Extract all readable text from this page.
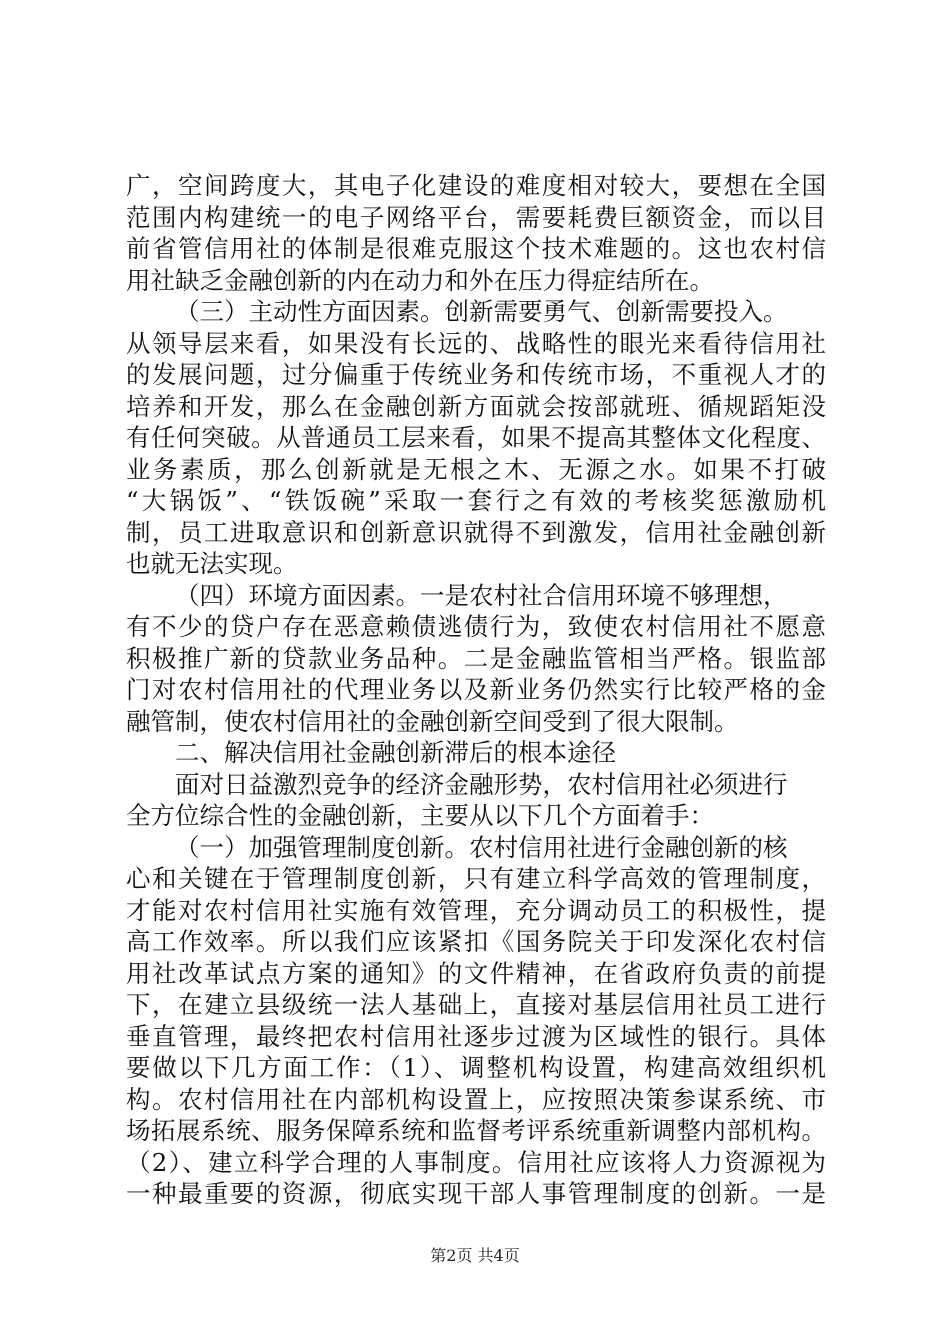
广，空间跨度大，其电子化建设的难度相对较大，要想在全国
范围内构建统一的电子网络平台，需要耗费巨额资金，而以目
前省管信用社的体制是很难克服这个技术难题的。这也农村信
用社缺乏金融创新的内在动力和外在压力得症结所在。
（三）主动性方面因素。创新需要勇气、创新需要投入。
从领导层来看，如果没有长远的、战略性的眼光来看待信用社
的发展问题，过分偏重于传统业务和传统市场，不重视人才的
培养和开发，那么在金融创新方面就会按部就班、循规蹈矩没
有任何突破。从普通员工层来看，如果不提高其整体文化程度、
业务素质，那么创新就是无根之木、无源之水。如果不打破
“大锅饭”、“铁饭碗”采取一套行之有效的考核奖惩激励机
制，员工进取意识和创新意识就得不到激发，信用社金融创新
也就无法实现。
（四）环境方面因素。一是农村社合信用环境不够理想，
有不少的贷户存在恶意赖债逃债行为，致使农村信用社不愿意
积极推广新的贷款业务品种。二是金融监管相当严格。银监部
门对农村信用社的代理业务以及新业务仍然实行比较严格的金
融管制，使农村信用社的金融创新空间受到了很大限制。
二、解决信用社金融创新滞后的根本途径
面对日益激烈竞争的经济金融形势，农村信用社必须进行
全方位综合性的金融创新，主要从以下几个方面着手：
（一）加强管理制度创新。农村信用社进行金融创新的核
心和关键在于管理制度创新，只有建立科学高效的管理制度，
才能对农村信用社实施有效管理，充分调动员工的积极性，提
高工作效率。所以我们应该紧扣《国务院关于印发深化农村信
用社改革试点方案的通知》的文件精神，在省政府负责的前提
下，在建立县级统一法人基础上，直接对基层信用社员工进行
垂直管理，最终把农村信用社逐步过渡为区域性的银行。具体
要做以下几方面工作：（1）、调整机构设置，构建高效组织机
构。农村信用社在内部机构设置上，应按照决策参谋系统、市
场拓展系统、服务保障系统和监督考评系统重新调整内部机构。
（2）、建立科学合理的人事制度。信用社应该将人力资源视为
一种最重要的资源，彻底实现干部人事管理制度的创新。一是
第2页 共4页
